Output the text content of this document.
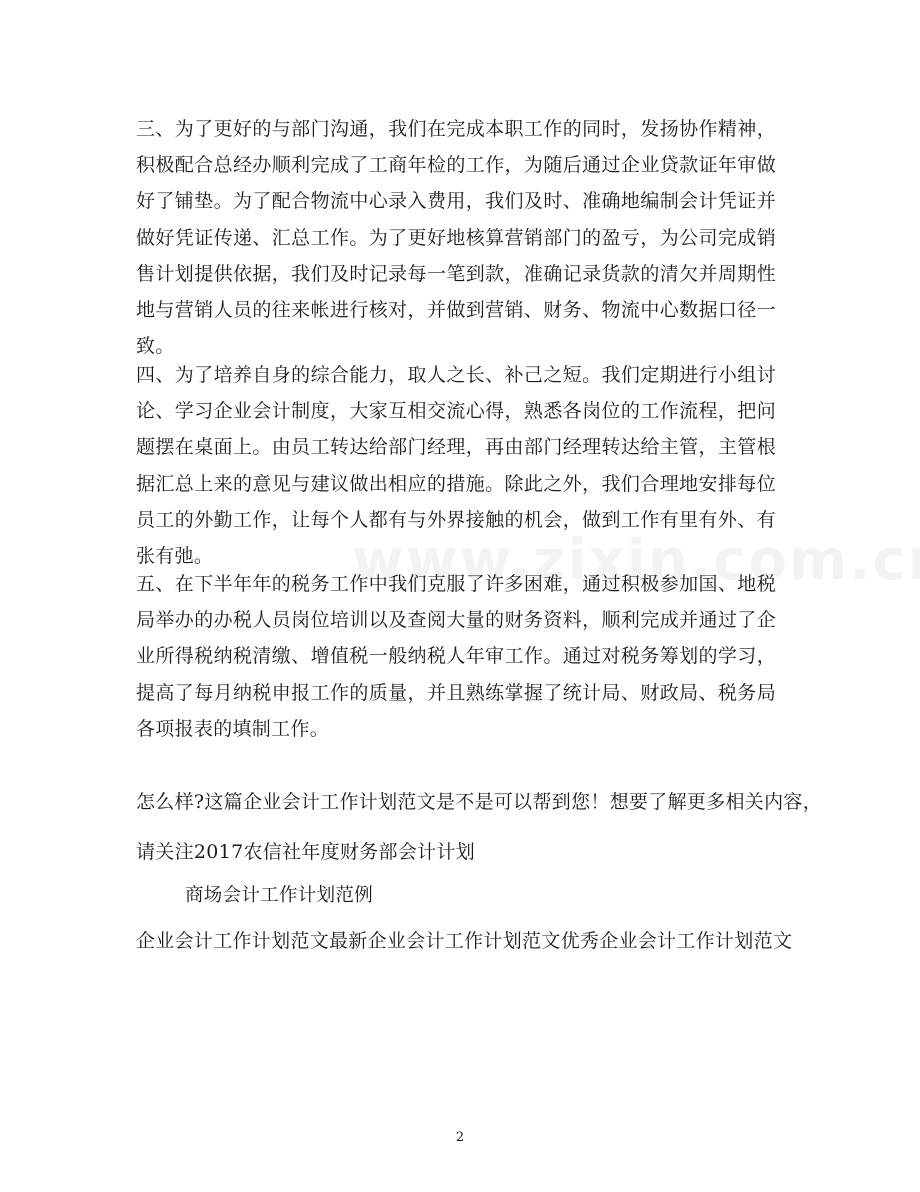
三、为了更好的与部门沟通，我们在完成本职工作的同时，发扬协作精神，积极配合总经办顺利完成了工商年检的工作，为随后通过企业贷款证年审做好了铺垫。为了配合物流中心录入费用，我们及时、准确地编制会计凭证并做好凭证传递、汇总工作。为了更好地核算营销部门的盈亏，为公司完成销售计划提供依据，我们及时记录每一笔到款，准确记录货款的清欠并周期性地与营销人员的往来帐进行核对，并做到营销、财务、物流中心数据口径一致。

四、为了培养自身的综合能力，取人之长、补己之短。我们定期进行小组讨论、学习企业会计制度，大家互相交流心得，熟悉各岗位的工作流程，把问题摆在桌面上。由员工转达给部门经理，再由部门经理转达给主管，主管根据汇总上来的意见与建议做出相应的措施。除此之外，我们合理地安排每位员工的外勤工作，让每个人都有与外界接触的机会，做到工作有里有外、有张有弛。

五、在下半年年的税务工作中我们克服了许多困难，通过积极参加国、地税局举办的办税人员岗位培训以及查阅大量的财务资料，顺利完成并通过了企业所得税纳税清缴、增值税一般纳税人年审工作。通过对税务筹划的学习，提高了每月纳税申报工作的质量，并且熟练掌握了统计局、财政局、税务局各项报表的填制工作。

怎么样?这篇企业会计工作计划范文是不是可以帮到您！想要了解更多相关内容，

请关注2017农信社年度财务部会计计划

商场会计工作计划范例

企业会计工作计划范文最新企业会计工作计划范文优秀企业会计工作计划范文

2
